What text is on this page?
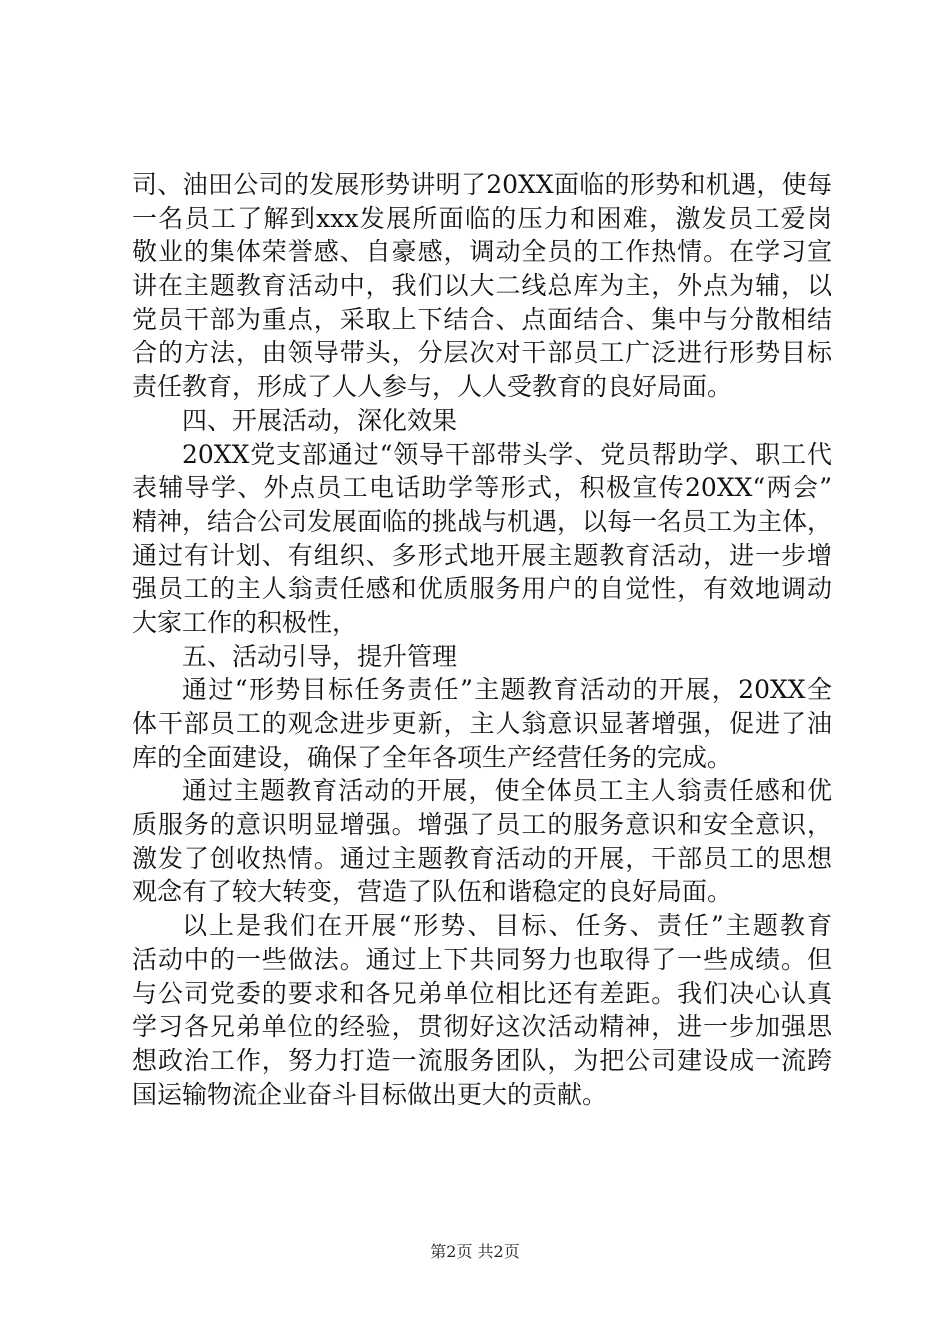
司、油田公司的发展形势讲明了20XX面临的形势和机遇，使每
一名员工了解到xxx发展所面临的压力和困难，激发员工爱岗
敬业的集体荣誉感、自豪感，调动全员的工作热情。在学习宣
讲在主题教育活动中，我们以大二线总库为主，外点为辅，以
党员干部为重点，采取上下结合、点面结合、集中与分散相结
合的方法，由领导带头，分层次对干部员工广泛进行形势目标
责任教育，形成了人人参与，人人受教育的良好局面。
四、开展活动，深化效果
20XX党支部通过“领导干部带头学、党员帮助学、职工代
表辅导学、外点员工电话助学等形式，积极宣传20XX“两会”
精神，结合公司发展面临的挑战与机遇，以每一名员工为主体，
通过有计划、有组织、多形式地开展主题教育活动，进一步增
强员工的主人翁责任感和优质服务用户的自觉性，有效地调动
大家工作的积极性，
五、活动引导，提升管理
通过“形势目标任务责任”主题教育活动的开展，20XX全
体干部员工的观念进步更新，主人翁意识显著增强，促进了油
库的全面建设，确保了全年各项生产经营任务的完成。
通过主题教育活动的开展，使全体员工主人翁责任感和优
质服务的意识明显增强。增强了员工的服务意识和安全意识，
激发了创收热情。通过主题教育活动的开展，干部员工的思想
观念有了较大转变，营造了队伍和谐稳定的良好局面。
以上是我们在开展“形势、目标、任务、责任”主题教育
活动中的一些做法。通过上下共同努力也取得了一些成绩。但
与公司党委的要求和各兄弟单位相比还有差距。我们决心认真
学习各兄弟单位的经验，贯彻好这次活动精神，进一步加强思
想政治工作，努力打造一流服务团队，为把公司建设成一流跨
国运输物流企业奋斗目标做出更大的贡献。
第2页 共2页
